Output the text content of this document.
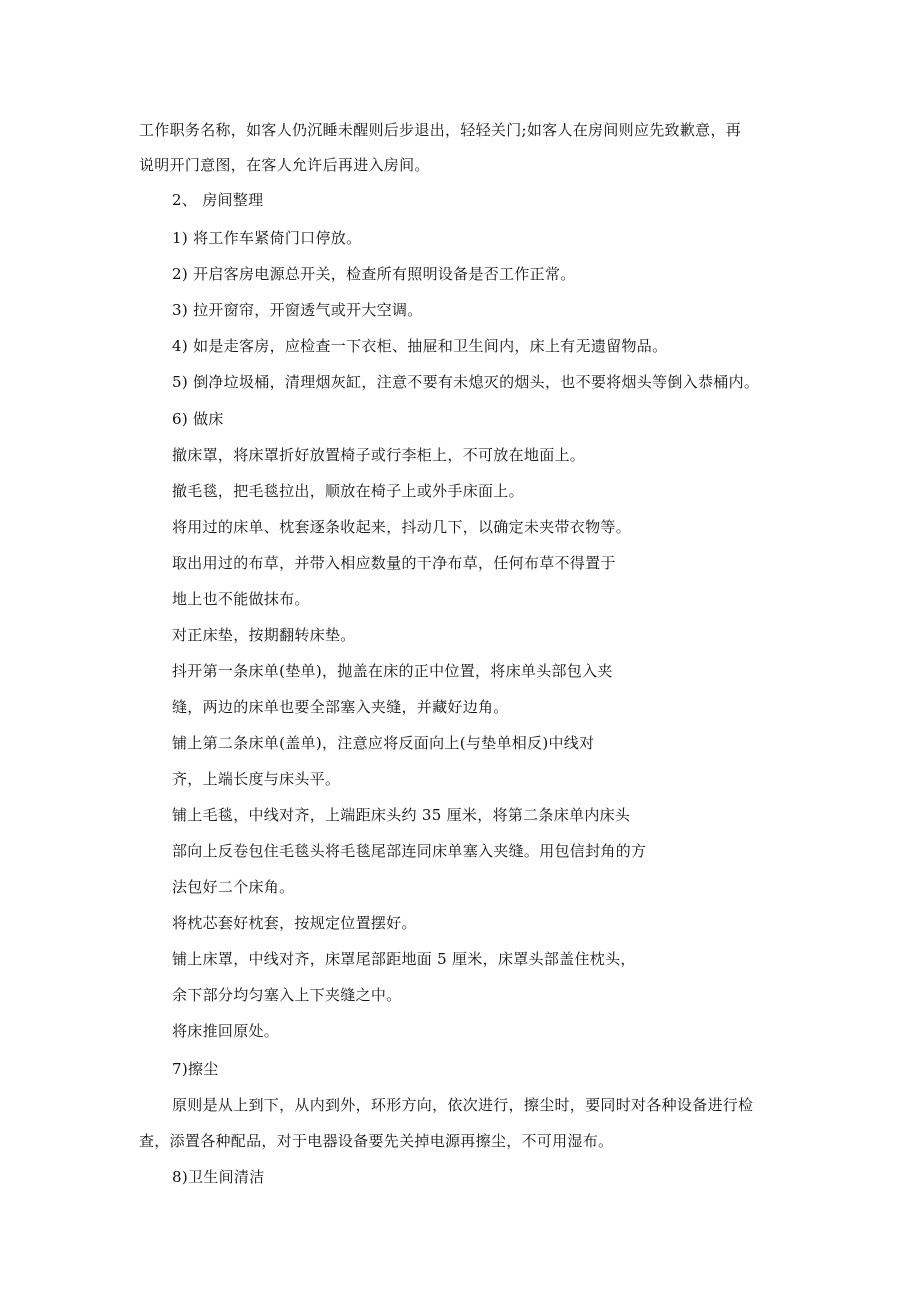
工作职务名称，如客人仍沉睡未醒则后步退出，轻轻关门;如客人在房间则应先致歉意，再
说明开门意图，在客人允许后再进入房间。
2、 房间整理
1) 将工作车紧倚门口停放。
2) 开启客房电源总开关，检查所有照明设备是否工作正常。
3) 拉开窗帘，开窗透气或开大空调。
4) 如是走客房，应检查一下衣柜、抽屉和卫生间内，床上有无遗留物品。
5) 倒净垃圾桶，清理烟灰缸，注意不要有未熄灭的烟头，也不要将烟头等倒入恭桶内。
6) 做床
撤床罩，将床罩折好放置椅子或行李柜上，不可放在地面上。
撤毛毯，把毛毯拉出，顺放在椅子上或外手床面上。
将用过的床单、枕套逐条收起来，抖动几下，以确定未夹带衣物等。
取出用过的布草，并带入相应数量的干净布草，任何布草不得置于
地上也不能做抹布。
对正床垫，按期翻转床垫。
抖开第一条床单(垫单)，抛盖在床的正中位置，将床单头部包入夹
缝，两边的床单也要全部塞入夹缝，并藏好边角。
铺上第二条床单(盖单)，注意应将反面向上(与垫单相反)中线对
齐，上端长度与床头平。
铺上毛毯，中线对齐，上端距床头约 35 厘米，将第二条床单内床头
部向上反卷包住毛毯头将毛毯尾部连同床单塞入夹缝。用包信封角的方
法包好二个床角。
将枕芯套好枕套，按规定位置摆好。
铺上床罩，中线对齐，床罩尾部距地面 5 厘米，床罩头部盖住枕头，
余下部分均匀塞入上下夹缝之中。
将床推回原处。
7)擦尘
原则是从上到下，从内到外，环形方向，依次进行，擦尘时，要同时对各种设备进行检
查，添置各种配品，对于电器设备要先关掉电源再擦尘，不可用湿布。
8)卫生间清洁
